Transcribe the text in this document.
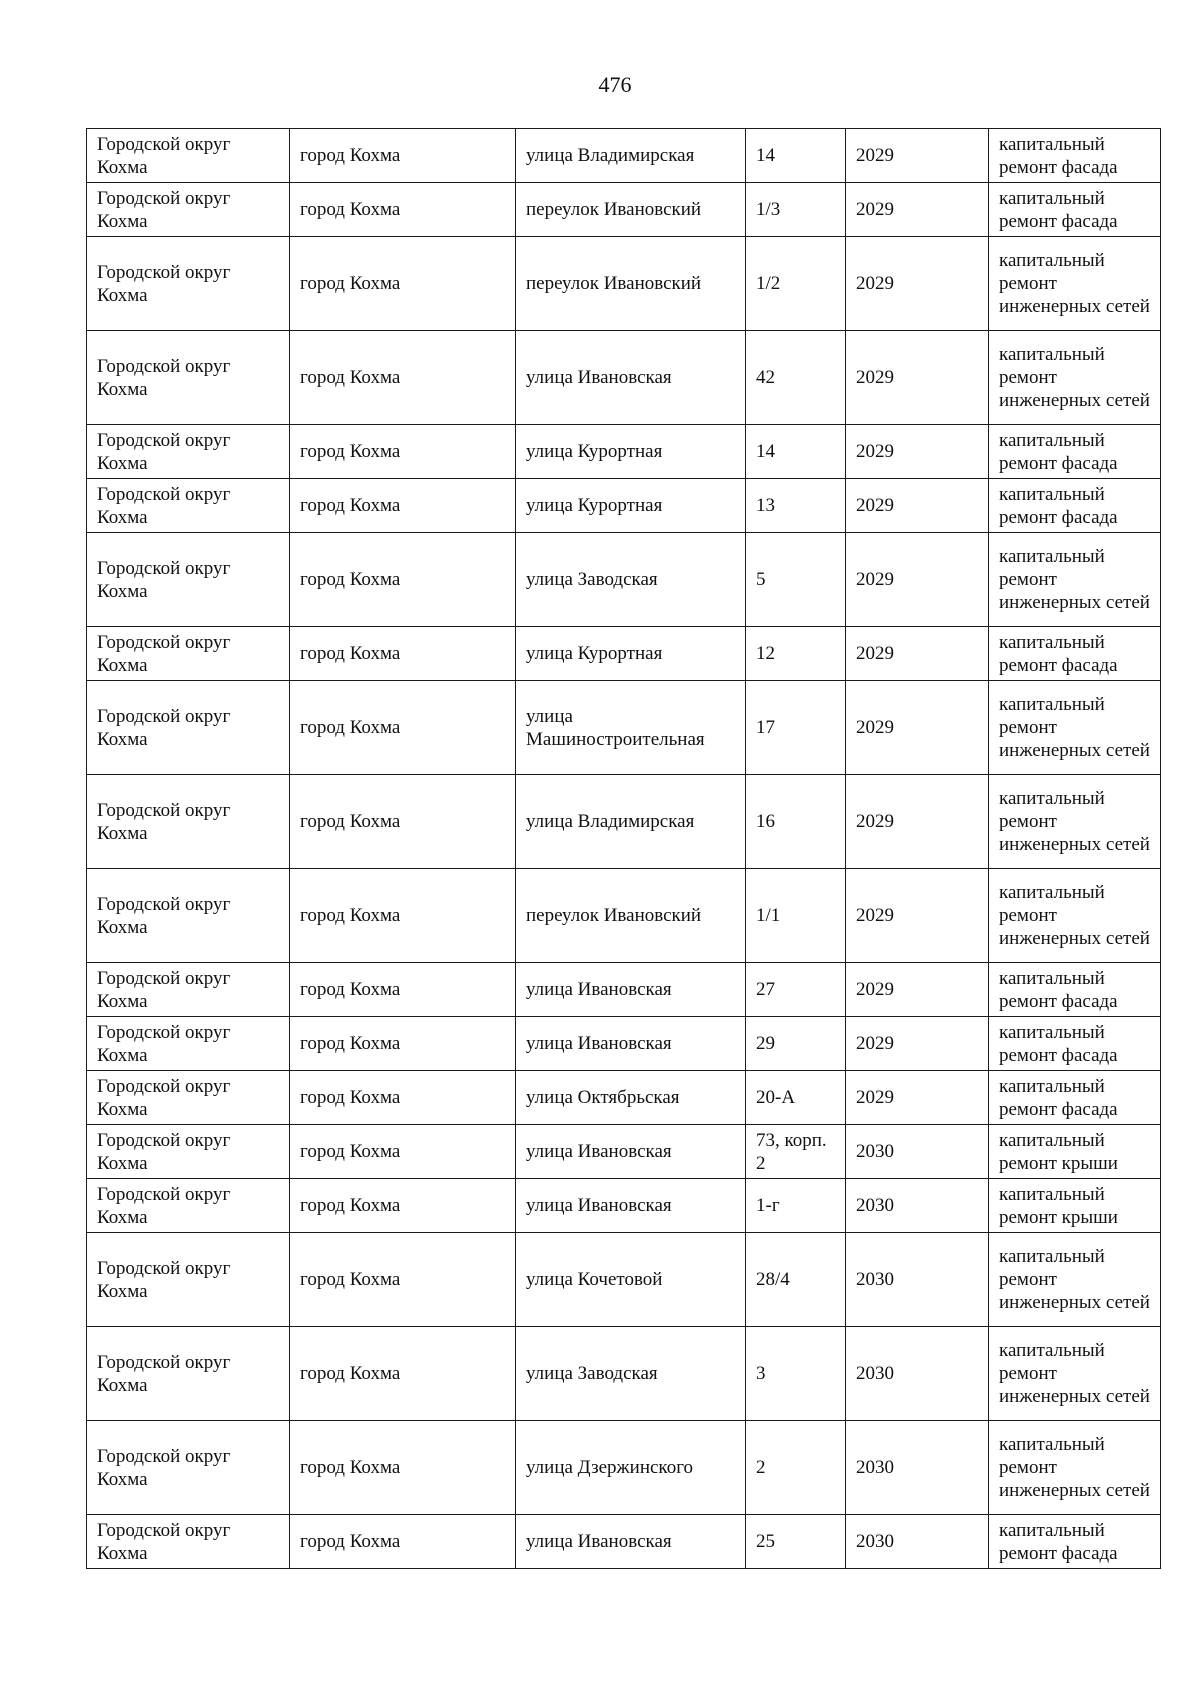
476
Городской округ Кохма	город Кохма	улица Владимирская	14	2029	капитальный ремонт фасада
Городской округ Кохма	город Кохма	переулок Ивановский	1/3	2029	капитальный ремонт фасада
Городской округ Кохма	город Кохма	переулок Ивановский	1/2	2029	капитальный ремонт инженерных сетей
Городской округ Кохма	город Кохма	улица Ивановская	42	2029	капитальный ремонт инженерных сетей
Городской округ Кохма	город Кохма	улица Курортная	14	2029	капитальный ремонт фасада
Городской округ Кохма	город Кохма	улица Курортная	13	2029	капитальный ремонт фасада
Городской округ Кохма	город Кохма	улица Заводская	5	2029	капитальный ремонт инженерных сетей
Городской округ Кохма	город Кохма	улица Курортная	12	2029	капитальный ремонт фасада
Городской округ Кохма	город Кохма	улица Машиностроительная	17	2029	капитальный ремонт инженерных сетей
Городской округ Кохма	город Кохма	улица Владимирская	16	2029	капитальный ремонт инженерных сетей
Городской округ Кохма	город Кохма	переулок Ивановский	1/1	2029	капитальный ремонт инженерных сетей
Городской округ Кохма	город Кохма	улица Ивановская	27	2029	капитальный ремонт фасада
Городской округ Кохма	город Кохма	улица Ивановская	29	2029	капитальный ремонт фасада
Городской округ Кохма	город Кохма	улица Октябрьская	20-А	2029	капитальный ремонт фасада
Городской округ Кохма	город Кохма	улица Ивановская	73, корп. 2	2030	капитальный ремонт крыши
Городской округ Кохма	город Кохма	улица Ивановская	1-г	2030	капитальный ремонт крыши
Городской округ Кохма	город Кохма	улица Кочетовой	28/4	2030	капитальный ремонт инженерных сетей
Городской округ Кохма	город Кохма	улица Заводская	3	2030	капитальный ремонт инженерных сетей
Городской округ Кохма	город Кохма	улица Дзержинского	2	2030	капитальный ремонт инженерных сетей
Городской округ Кохма	город Кохма	улица Ивановская	25	2030	капитальный ремонт фасада
